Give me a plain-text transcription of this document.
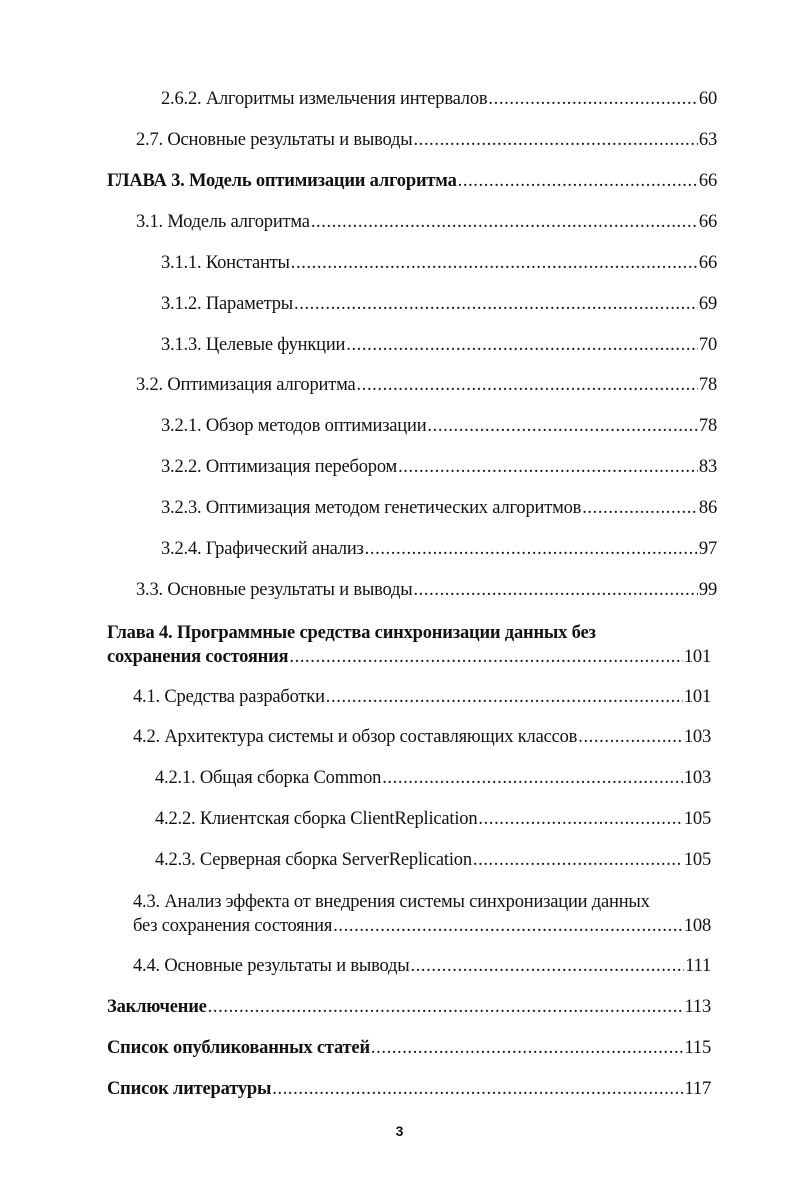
2.6.2. Алгоритмы измельчения интервалов .....	60
2.7. Основные результаты и выводы .....	63
ГЛАВА 3. Модель оптимизации алгоритма .....	66
3.1. Модель алгоритма .....	66
3.1.1. Константы .....	66
3.1.2. Параметры .....	69
3.1.3. Целевые функции .....	70
3.2. Оптимизация алгоритма .....	78
3.2.1. Обзор методов оптимизации .....	78
3.2.2. Оптимизация перебором .....	83
3.2.3. Оптимизация методом генетических алгоритмов .....	86
3.2.4. Графический анализ .....	97
3.3. Основные результаты и выводы .....	99
Глава 4. Программные средства синхронизации данных без
сохранения состояния .....	101
4.1. Средства разработки .....	101
4.2. Архитектура системы и обзор составляющих классов .....	103
4.2.1. Общая сборка Common .....	103
4.2.2. Клиентская сборка ClientReplication .....	105
4.2.3. Серверная сборка ServerReplication .....	105
4.3. Анализ эффекта от внедрения системы синхронизации данных
без сохранения состояния .....	108
4.4. Основные результаты и выводы .....	111
Заключение .....	113
Список опубликованных статей .....	115
Список литературы .....	117
3
